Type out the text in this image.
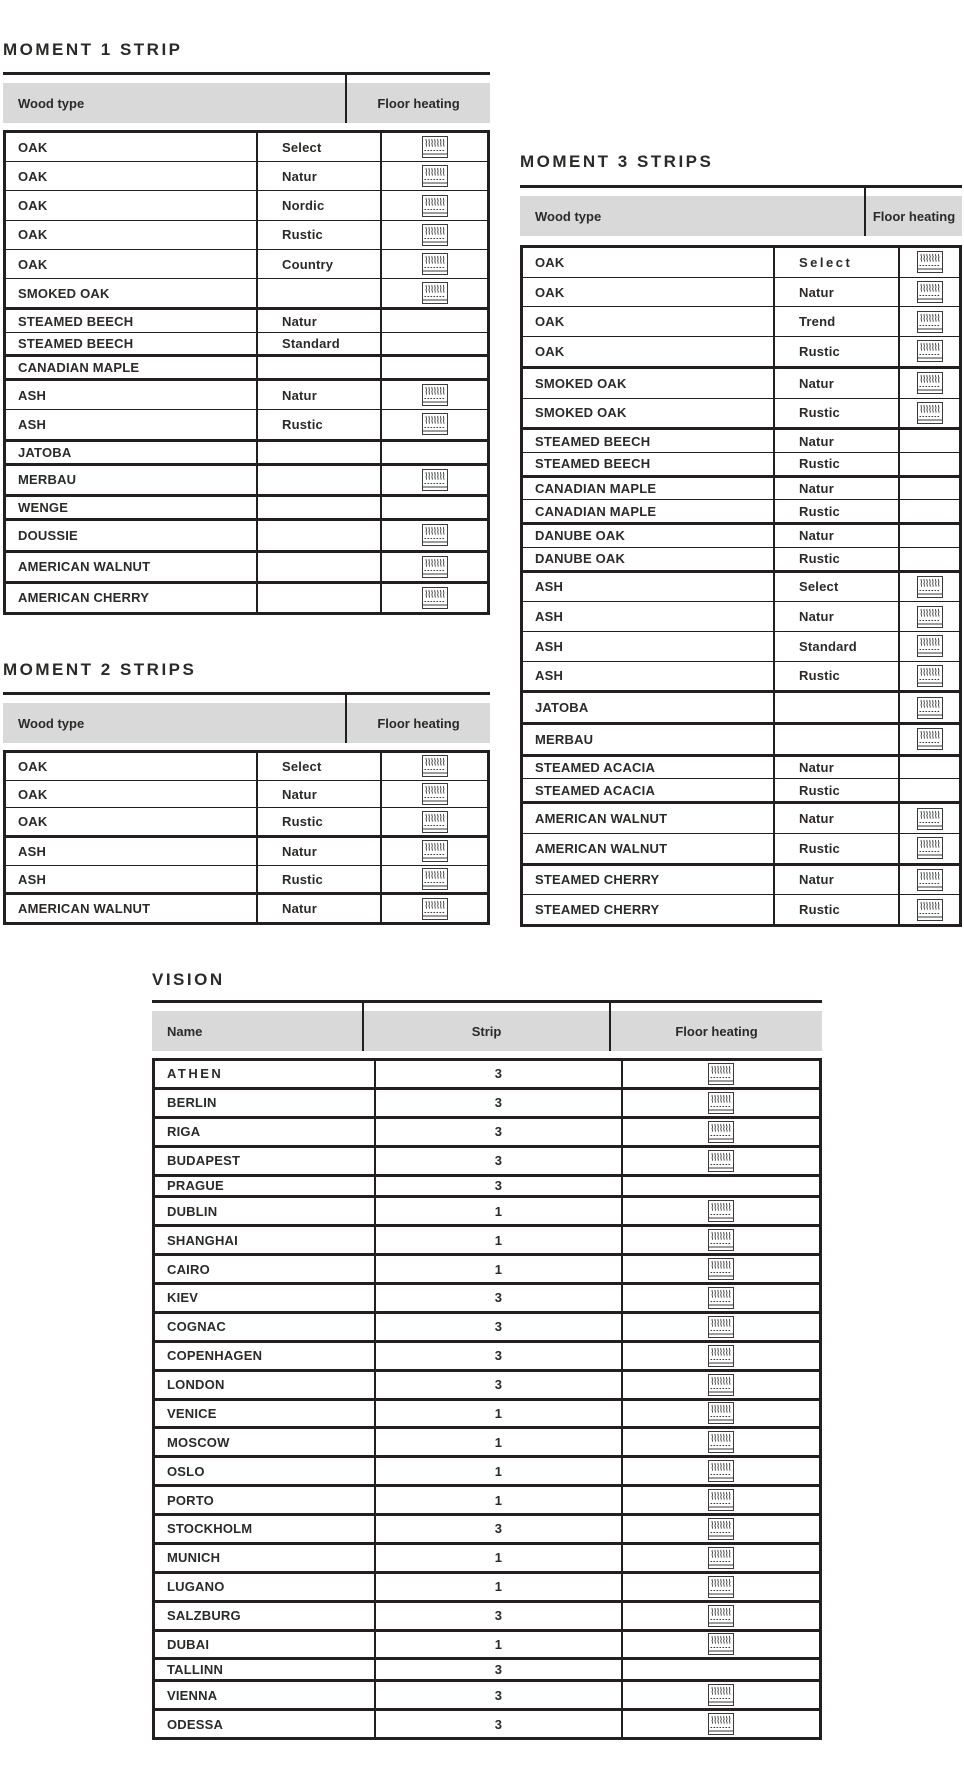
MOMENT 1 STRIP
Wood type	Floor heating
OAK	Select
OAK	Natur
OAK	Nordic
OAK	Rustic
OAK	Country
SMOKED OAK
STEAMED BEECH	Natur
STEAMED BEECH	Standard
CANADIAN MAPLE
ASH	Natur
ASH	Rustic
JATOBA
MERBAU
WENGE
DOUSSIE
AMERICAN WALNUT
AMERICAN CHERRY
MOMENT 2 STRIPS
Wood type	Floor heating
OAK	Select
OAK	Natur
OAK	Rustic
ASH	Natur
ASH	Rustic
AMERICAN WALNUT	Natur
MOMENT 3 STRIPS
Wood type	Floor heating
OAK	Select
OAK	Natur
OAK	Trend
OAK	Rustic
SMOKED OAK	Natur
SMOKED OAK	Rustic
STEAMED BEECH	Natur
STEAMED BEECH	Rustic
CANADIAN MAPLE	Natur
CANADIAN MAPLE	Rustic
DANUBE OAK	Natur
DANUBE OAK	Rustic
ASH	Select
ASH	Natur
ASH	Standard
ASH	Rustic
JATOBA
MERBAU
STEAMED ACACIA	Natur
STEAMED ACACIA	Rustic
AMERICAN WALNUT	Natur
AMERICAN WALNUT	Rustic
STEAMED CHERRY	Natur
STEAMED CHERRY	Rustic
VISION
Name	Strip	Floor heating
ATHEN	3
BERLIN	3
RIGA	3
BUDAPEST	3
PRAGUE	3
DUBLIN	1
SHANGHAI	1
CAIRO	1
KIEV	3
COGNAC	3
COPENHAGEN	3
LONDON	3
VENICE	1
MOSCOW	1
OSLO	1
PORTO	1
STOCKHOLM	3
MUNICH	1
LUGANO	1
SALZBURG	3
DUBAI	1
TALLINN	3
VIENNA	3
ODESSA	3
